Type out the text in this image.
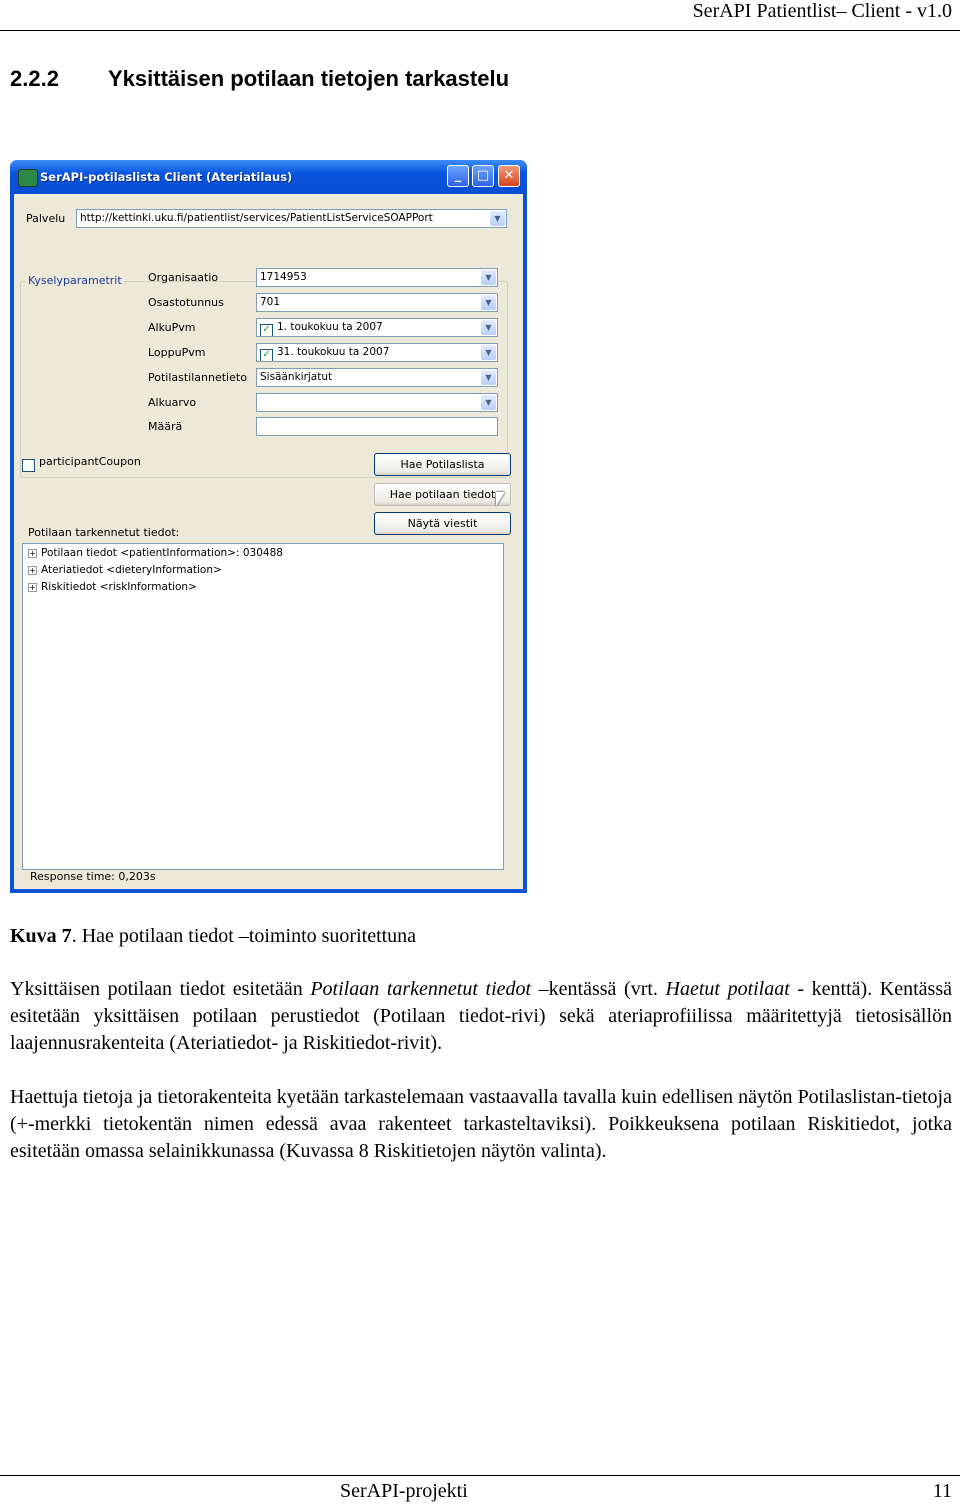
SerAPI Patientlist– Client - v1.0
2.2.2 Yksittäisen potilaan tietojen tarkastelu
SerAPI-potilaslista Client (Ateriatilaus)	_	□	✕
Palvelu	http://kettinki.uku.fi/patientlist/services/PatientListServiceSOAPPort	▼
Kyselyparametrit Organisaatio	1714953	▼
Osastotunnus	701	▼
AlkuPvm	✓ 1. toukokuu ta 2007	▼
LoppuPvm	✓ 31. toukokuu ta 2007	▼
Potilastilannetieto	Sisäänkirjatut	▼
Alkuarvo	▼
Määrä
participantCoupon	Hae Potilaslista
Hae potilaan tiedot
Näytä viestit
Potilaan tarkennetut tiedot:
+ Potilaan tiedot <patientInformation>: 030488
+ Ateriatiedot <dieteryInformation>
+ Riskitiedot <riskInformation>
Response time: 0,203s
Kuva 7. Hae potilaan tiedot –toiminto suoritettuna
Yksittäisen potilaan tiedot esitetään Potilaan tarkennetut tiedot –kentässä (vrt. Haetut potilaat - kenttä). Kentässä esitetään yksittäisen potilaan perustiedot (Potilaan tiedot-rivi) sekä ateriaprofiilissa määritettyjä tietosisällön laajennusrakenteita (Ateriatiedot- ja Riskitiedot-rivit).
Haettuja tietoja ja tietorakenteita kyetään tarkastelemaan vastaavalla tavalla kuin edellisen näytön Potilaslistan-tietoja (+-merkki tietokentän nimen edessä avaa rakenteet tarkasteltaviksi). Poikkeuksena potilaan Riskitiedot, jotka esitetään omassa selainikkunassa (Kuvassa 8 Riskitietojen näytön valinta).
SerAPI-projekti	11
